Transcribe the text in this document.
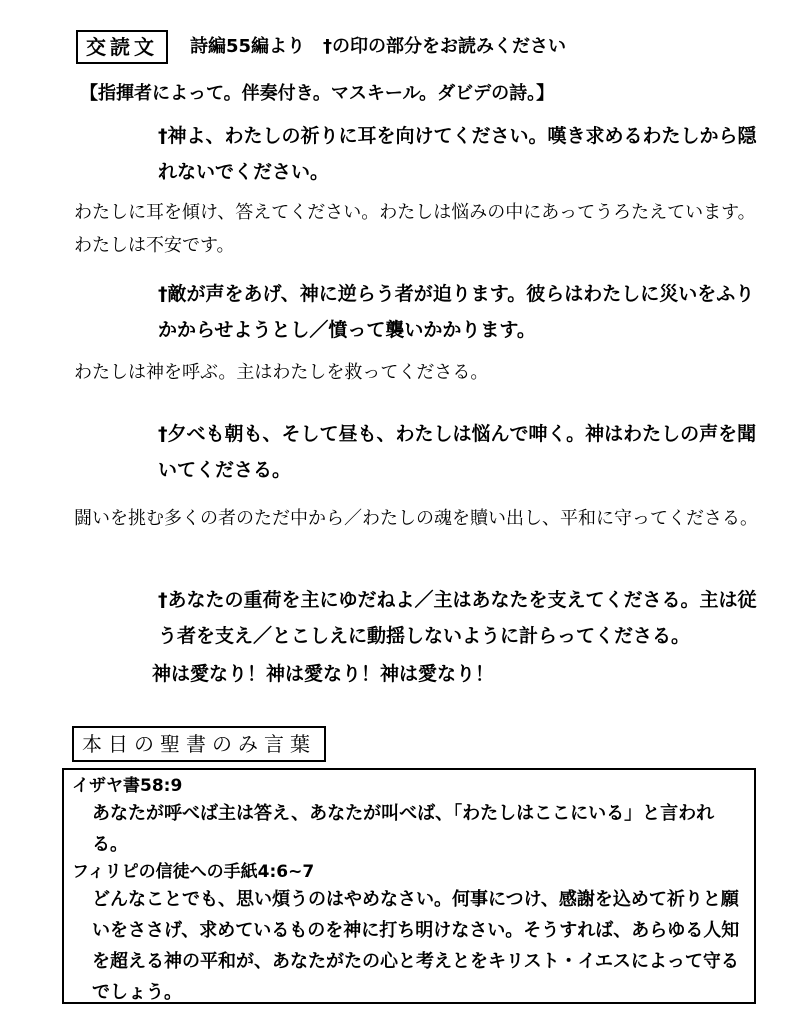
交読文	詩編55編より　†の印の部分をお読みください
【指揮者によって。伴奏付き。マスキール。ダビデの詩。】
†神よ、わたしの祈りに耳を向けてください。嘆き求めるわたしから隠れないでください。
わたしに耳を傾け、答えてください。わたしは悩みの中にあってうろたえています。わたしは不安です。
†敵が声をあげ、神に逆らう者が迫ります。彼らはわたしに災いをふりかからせようとし／憤って襲いかかります。
わたしは神を呼ぶ。主はわたしを救ってくださる。
†夕べも朝も、そして昼も、わたしは悩んで呻く。神はわたしの声を聞いてくださる。
闘いを挑む多くの者のただ中から／わたしの魂を贖い出し、平和に守ってくださる。
†あなたの重荷を主にゆだねよ／主はあなたを支えてくださる。主は従う者を支え／とこしえに動揺しないように計らってくださる。
神は愛なり！神は愛なり！神は愛なり！
本日の聖書のみ言葉
イザヤ書58:9
あなたが呼べば主は答え、あなたが叫べば、「わたしはここにいる」と言われる。
フィリピの信徒への手紙4:6~7
どんなことでも、思い煩うのはやめなさい。何事につけ、感謝を込めて祈りと願いをささげ、求めているものを神に打ち明けなさい。そうすれば、あらゆる人知を超える神の平和が、あなたがたの心と考えとをキリスト・イエスによって守るでしょう。
